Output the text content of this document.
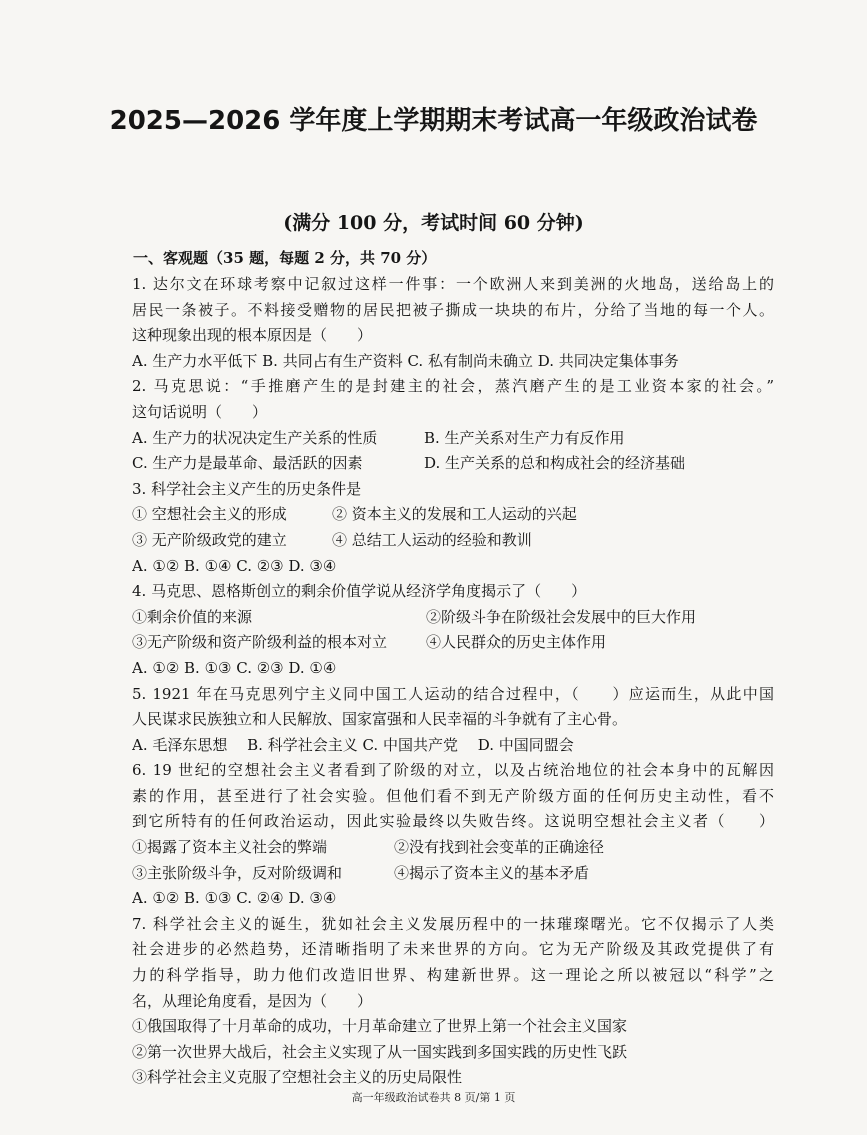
2025—2026 学年度上学期期末考试高一年级政治试卷
(满分 100 分，考试时间 60 分钟)
一、客观题（35 题，每题 2 分，共 70 分）
1. 达尔文在环球考察中记叙过这样一件事：一个欧洲人来到美洲的火地岛，送给岛上的
居民一条被子。不料接受赠物的居民把被子撕成一块块的布片，分给了当地的每一个人。
这种现象出现的根本原因是（　　）
A. 生产力水平低下 B. 共同占有生产资料 C. 私有制尚未确立 D. 共同决定集体事务
2. 马克思说：“手推磨产生的是封建主的社会，蒸汽磨产生的是工业资本家的社会。”
这句话说明（　　）
A. 生产力的状况决定生产关系的性质	B. 生产关系对生产力有反作用
C. 生产力是最革命、最活跃的因素	D. 生产关系的总和构成社会的经济基础
3. 科学社会主义产生的历史条件是
① 空想社会主义的形成	② 资本主义的发展和工人运动的兴起
③ 无产阶级政党的建立	④ 总结工人运动的经验和教训
A. ①② B. ①④ C. ②③ D. ③④
4. 马克思、恩格斯创立的剩余价值学说从经济学角度揭示了（　　）
①剩余价值的来源	②阶级斗争在阶级社会发展中的巨大作用
③无产阶级和资产阶级利益的根本对立	④人民群众的历史主体作用
A. ①② B. ①③ C. ②③ D. ①④
5. 1921 年在马克思列宁主义同中国工人运动的结合过程中，（　　）应运而生，从此中国
人民谋求民族独立和人民解放、国家富强和人民幸福的斗争就有了主心骨。
A. 毛泽东思想　 B. 科学社会主义 C. 中国共产党　 D. 中国同盟会
6. 19 世纪的空想社会主义者看到了阶级的对立，以及占统治地位的社会本身中的瓦解因
素的作用，甚至进行了社会实验。但他们看不到无产阶级方面的任何历史主动性，看不
到它所特有的任何政治运动，因此实验最终以失败告终。这说明空想社会主义者（　　）
①揭露了资本主义社会的弊端	②没有找到社会变革的正确途径
③主张阶级斗争，反对阶级调和	④揭示了资本主义的基本矛盾
A. ①② B. ①③ C. ②④ D. ③④
7. 科学社会主义的诞生，犹如社会主义发展历程中的一抹璀璨曙光。它不仅揭示了人类
社会进步的必然趋势，还清晰指明了未来世界的方向。它为无产阶级及其政党提供了有
力的科学指导，助力他们改造旧世界、构建新世界。这一理论之所以被冠以“科学”之
名，从理论角度看，是因为（　　）
①俄国取得了十月革命的成功，十月革命建立了世界上第一个社会主义国家
②第一次世界大战后，社会主义实现了从一国实践到多国实践的历史性飞跃
③科学社会主义克服了空想社会主义的历史局限性
高一年级政治试卷共 8 页/第 1 页
